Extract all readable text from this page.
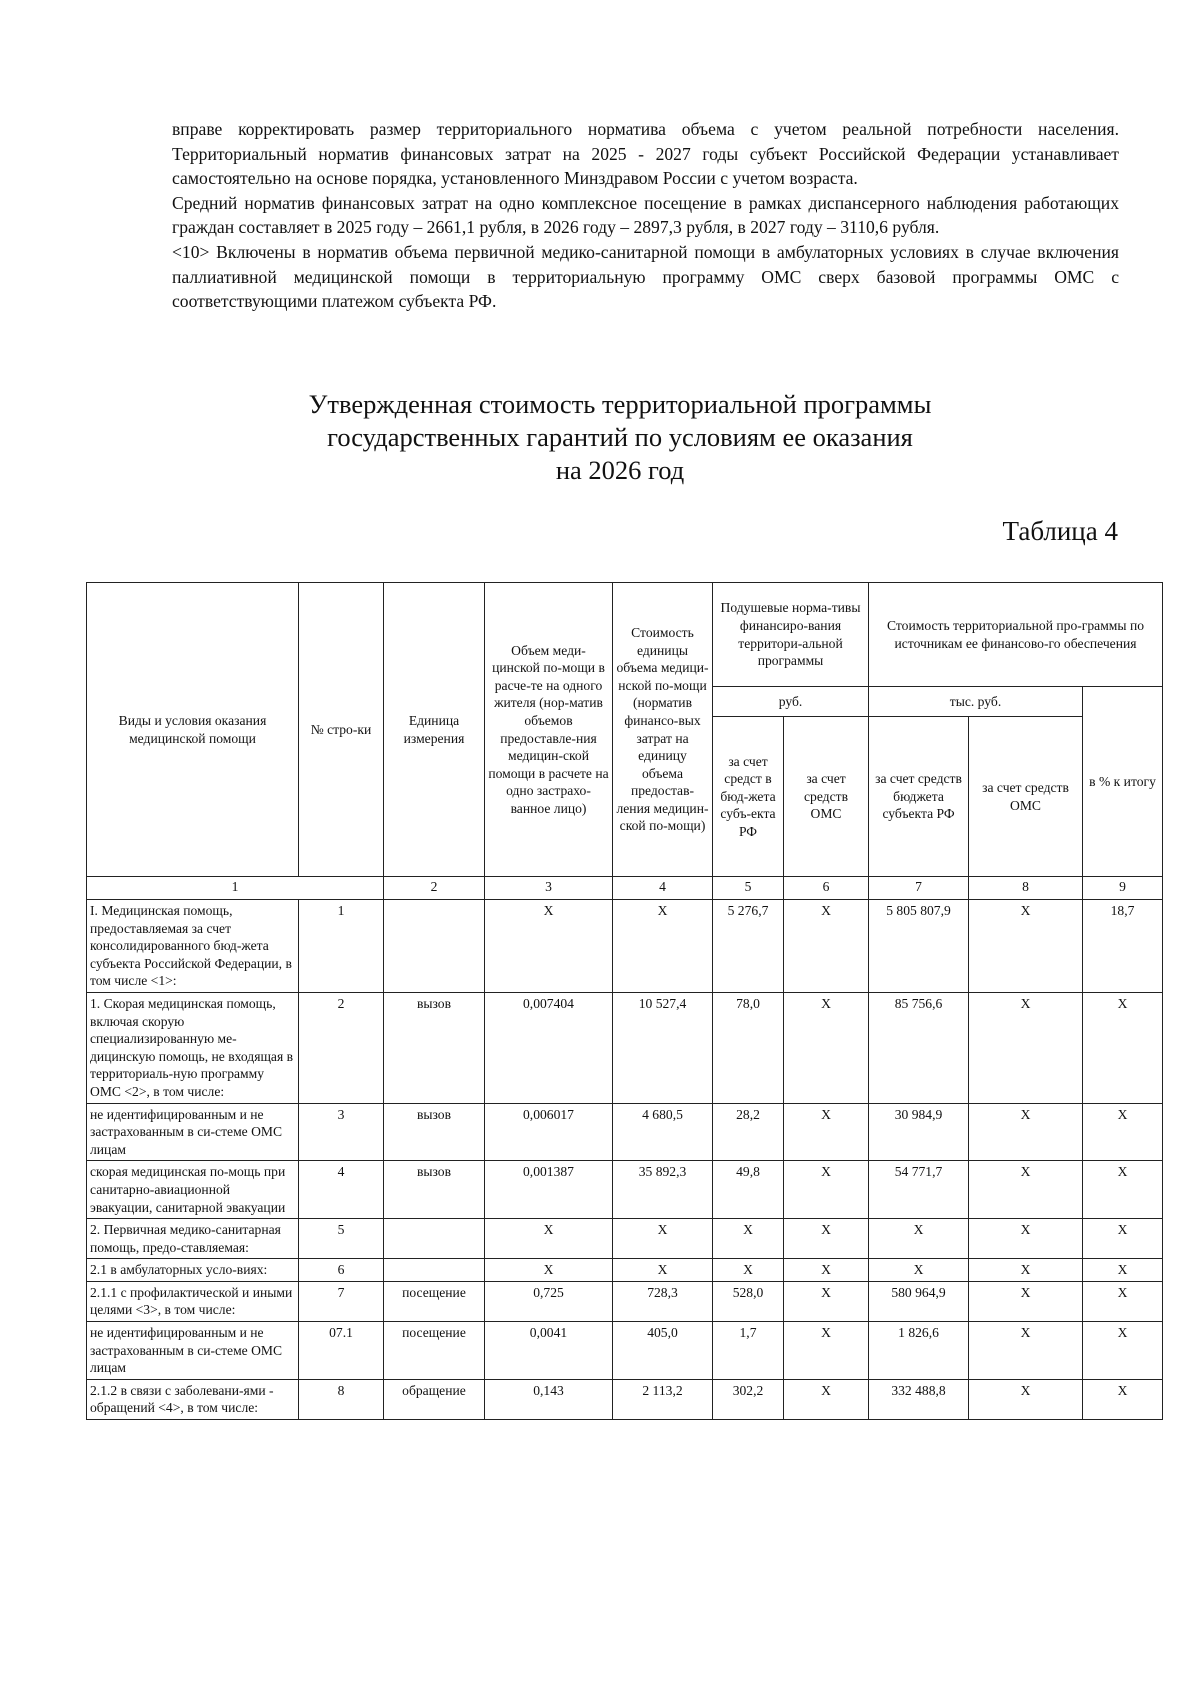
вправе корректировать размер территориального норматива объема с учетом реальной потребности населения. Территориальный норматив финансовых затрат на 2025 - 2027 годы субъект Российской Федерации устанавливает самостоятельно на основе порядка, установленного Минздравом России с учетом возраста.

Средний норматив финансовых затрат на одно комплексное посещение в рамках диспансерного наблюдения работающих граждан составляет в 2025 году – 2661,1 рубля, в 2026 году – 2897,3 рубля, в 2027 году – 3110,6 рубля.

<10> Включены в норматив объема первичной медико-санитарной помощи в амбулаторных условиях в случае включения паллиативной медицинской помощи в территориальную программу ОМС сверх базовой программы ОМС с соответствующими платежом субъекта РФ.

Утвержденная стоимость территориальной программы
государственных гарантий по условиям ее оказания
на 2026 год
Таблица 4
Виды и условия оказания медицинской помощи	№ стро-ки	Единица измерения	Объем меди-цинской по-мощи в расче-те на одного жителя (нор-матив объемов предоставле-ния медицин-ской помощи в расчете на одно застрахо-ванное лицо)	Стоимость единицы объема медици-нской по-мощи (норматив финансо-вых затрат на единицу объема предостав-ления медицин-ской по-мощи)	Подушевые норма-тивы финансиро-вания территори-альной программы		Стоимость территориальной про-граммы по источникам ее финансово-го обеспечения		
					руб.		тыс. руб.		в % к итогу
					за счет средст в бюд-жета субъ-екта РФ	за счет средств ОМС	за счет средств бюджета субъекта РФ	за счет средств ОМС	
1		2	3	4	5	6	7	8	9
I. Медицинская помощь, предоставляемая за счет консолидированного бюд-жета субъекта Российской Федерации, в том числе <1>:	1		Х	Х	5 276,7	Х	5 805 807,9	Х	18,7
1. Скорая медицинская помощь, включая скорую специализированную ме-дицинскую помощь, не входящая в территориаль-ную программу ОМС <2>, в том числе:	2	вызов	0,007404	10 527,4	78,0	Х	85 756,6	Х	Х
не идентифицированным и не застрахованным в си-стеме ОМС лицам	3	вызов	0,006017	4 680,5	28,2	Х	30 984,9	Х	Х
скорая медицинская по-мощь при санитарно-авиационной эвакуации, санитарной эвакуации	4	вызов	0,001387	35 892,3	49,8	Х	54 771,7	Х	Х
2. Первичная медико-санитарная помощь, предо-ставляемая:	5		Х	Х	Х	Х	Х	Х	Х
2.1 в амбулаторных усло-виях:	6		Х	Х	Х	Х	Х	Х	Х
2.1.1 с профилактической и иными целями <3>, в том числе:	7	посещение	0,725	728,3	528,0	Х	580 964,9	Х	Х
не идентифицированным и не застрахованным в си-стеме ОМС лицам	07.1	посещение	0,0041	405,0	1,7	Х	1 826,6	Х	Х
2.1.2 в связи с заболевани-ями - обращений <4>, в том числе:	8	обращение	0,143	2 113,2	302,2	Х	332 488,8	Х	Х
